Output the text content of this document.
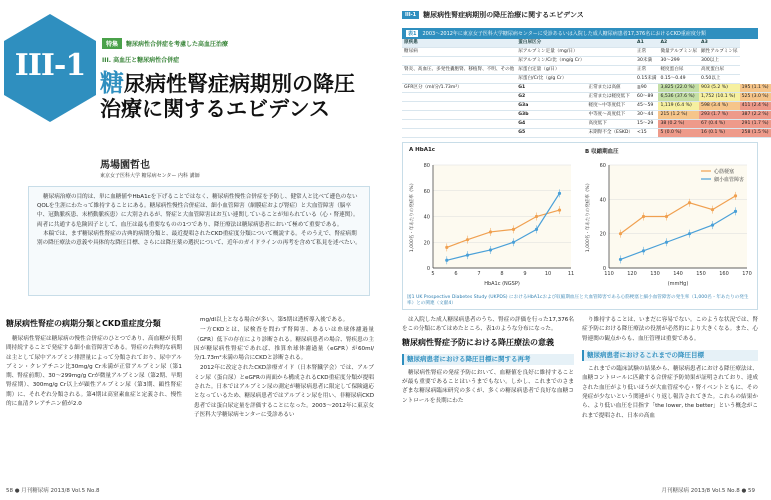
III-1
特集	糖尿病性合併症を考慮した高血圧治療
III. 高血圧と糖尿病性合併症
糖尿病性腎症病期別の降圧治療に関するエビデンス
馬場園哲也
東京女子医科大学 糖尿病センター 内科 講師

糖尿病治療の目的は、単に血糖値やHbA1cを下げることではなく、糖尿病性慢性合併症を予防し、健常人と比べて遜色のないQOLを生涯にわたって維持することにある。糖尿病性慢性合併症は、細小血管障害（網膜症および腎症）と大血管障害（脳卒中、冠動脈疾患、末梢動脈疾患）に大別されるが、腎症と大血管障害はお互い連関していることが知られている（心・腎連関）。両者に共通する危険因子として、血圧は最も重要なものの1つであり、降圧療法は糖尿病患者において極めて重要である。

本稿では、まず糖尿病性腎症の古典的病期分類と、最近提唱されたCKD重症度分類について概説する。そのうえで、腎症病期別の降圧療法の意義や具体的な降圧目標、さらには降圧薬の選択について、近年のガイドラインの再考を含めて私見を述べたい。

糖尿病性腎症の病期分類とCKD重症度分類

糖尿病性腎症は糖尿病の慢性合併症のひとつであり、高血糖が長期間持続することで発症する細小血管障害である。腎症の古典的な病期は主として尿中アルブミン排泄量によって分類されており、尿中アルブミン・クレアチニン比30mg/g Cr未満が正常アルブミン尿（第1期、腎症前期）、30〜299mg/g Crが微量アルブミン尿（第2期、早期腎症期）、300mg/g Cr以上が顕性アルブミン尿（第3期、顕性腎症期）に、それぞれ分類される。第4期は高窒素血症と定義され、慢性的に血清クレアチニン値が2.0

mg/dl以上となる場合が多い。第5期は透析導入後である。

一方CKDとは、尿検査を問わず腎障害、あるいは糸球体濾過量（GFR）低下の存在により診断される。糖尿病患者の場合、腎疾患の主因が糖尿病性腎症であれば、推算糸球体濾過量（eGFR）が60ml/分/1.73m²未満の場合にCKDと診断される。

2012年に改定されたCKD診療ガイド（日本腎臓学会）では、アルブミン尿（蛋白尿）とeGFRの両面から構成されるCKD重症度分類が提唱された。日本ではアルブミン尿の測定が糖尿病患者に限定して保険適応となっているため、糖尿病患者ではアルブミン尿を用い、非糖尿病CKD患者では蛋白尿定量を評価することになった。2003〜2012年に東京女子医科大学糖尿病センターに受診あるい

58 ● 月刊糖尿病 2013/8 Vol.5 No.8
III-1	糖尿病性腎症病期別の降圧治療に関するエビデンス
表1	2003〜2012年に東京女子医科大学糖尿病センターに受診あるいは入院した成人糖尿病患者17,376名におけるCKD重症度分類
原疾患	蛋白尿区分		A1	A2	A3	
糖尿病	尿アルブミン定量（mg/日）		正常	微量アルブミン尿	顕性アルブミン尿	
	尿アルブミン/Cr比（mg/g Cr）		30未満	30〜299	300以上	
腎炎、高血圧、多発性嚢胞腎、移植腎、不明、その他	尿蛋白定量（g/日）		正常	軽度蛋白尿	高度蛋白尿	
	尿蛋白/Cr比（g/g Cr）		0.15未満	0.15〜0.49	0.50以上	
GFR区分（ml/分/1.73m²）	G1	正常または高値	≧90	3,825 (22.0 %)	903 (5.2 %)	195 (1.1 %)
	G2	正常または軽度低下	60〜89	6,536 (37.6 %)	1,752 (10.1 %)	525 (3.0 %)
	G3a	軽度〜中等度低下	45〜59	1,119 (6.4 %)	598 (3.4 %)	411 (2.4 %)
	G3b	中等度〜高度低下	30〜44	215 (1.2 %)	293 (1.7 %)	387 (2.2 %)
	G4	高度低下	15〜29	38 (0.2 %)	67 (0.4 %)	291 (1.7 %)
	G5	末期腎不全（ESKD）	<15	5 (0.0 %)	16 (0.1 %)	258 (1.5 %)
A HbA1c	B 収縮期血圧
0
20
40
60
80
5	6	7	8	9	10	11
HbA1c (NGSP)
1,000名・年あたりの発症率（%）
0
20
40
60
110	120	130	140	150	160	170
(mmHg)
1,000名・年あたりの発症率（%）
心筋梗塞
細小血管障害
図1 UK Prospective Diabetes Study (UKPDS) におけるHbA1cおよび収縮期血圧と大血管障害である心筋梗塞と細小血管障害の発生率（1,000名・年あたりの発生率）との関連（文献4）

は入院した成人糖尿病患者のうち、腎症の評価を行った17,376名をこの分類にあてはめたところ、表1のような分布になった。

糖尿病性腎症予防における降圧療法の意義
糖尿病患者における降圧目標に関する再考

糖尿病性腎症の発症予防において、血糖値を良好に維持することが最も重要であることはいうまでもない。しかし、これまでのさまざまな糖尿病臨床研究の多くが、多くの糖尿病患者で良好な血糖コントロールを長期にわた

り維持することは、いまだに容易でない。このような状況では、腎症予防における降圧療法の役割が必然的により大きくなる。また、心腎連関の観点からも、血圧管理は重要である。

糖尿病患者におけるこれまでの降圧目標

これまでの臨床試験の結果から、糖尿病患者における降圧療法は、血糖コントロールに匹敵する合併症予防効果が証明されており、達成された血圧がより低いほうが大血管症や心・腎イベントともに、その発症が少ないという関連がくり返し報告されてきた。これらの結果から、より低い血圧を目指す「the lower, the better」という概念がこれまで提唱され、日本の高血

月刊糖尿病 2013/8 Vol.5 No.8 ● 59
